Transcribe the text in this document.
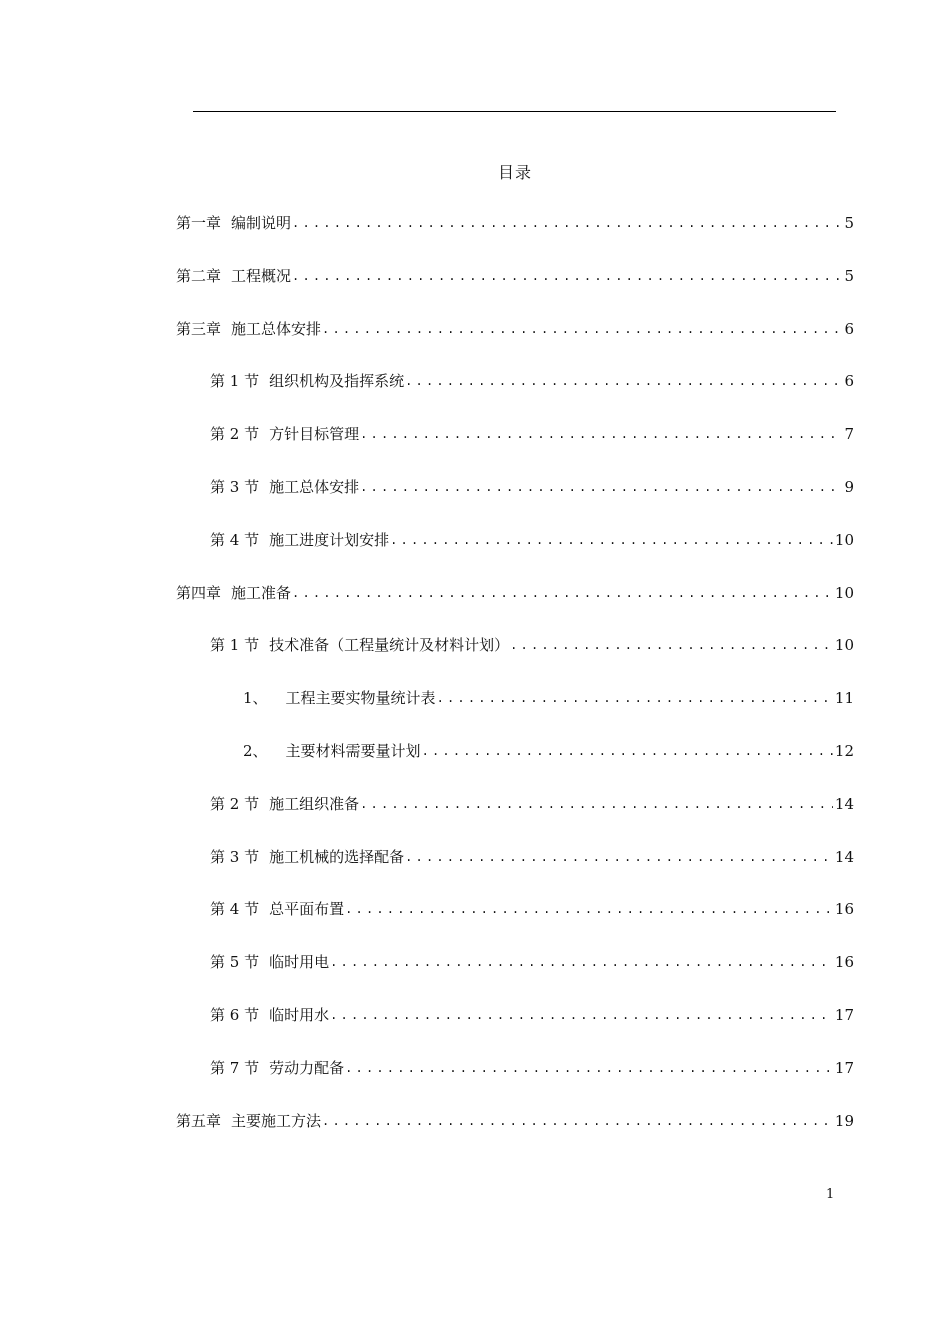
目录
第一章 编制说明 .....	5
第二章 工程概况 .....	5
第三章 施工总体安排 .....	6
第 1 节 组织机构及指挥系统 .....	6
第 2 节 方针目标管理 .....	7
第 3 节 施工总体安排 .....	9
第 4 节 施工进度计划安排 .....	10
第四章 施工准备 .....	10
第 1 节 技术准备（工程量统计及材料计划） .....	10
1、 工程主要实物量统计表 .....	11
2、 主要材料需要量计划 .....	12
第 2 节 施工组织准备 .....	14
第 3 节 施工机械的选择配备 .....	14
第 4 节 总平面布置 .....	16
第 5 节 临时用电 .....	16
第 6 节 临时用水 .....	17
第 7 节 劳动力配备 .....	17
第五章 主要施工方法 .....	19
1
